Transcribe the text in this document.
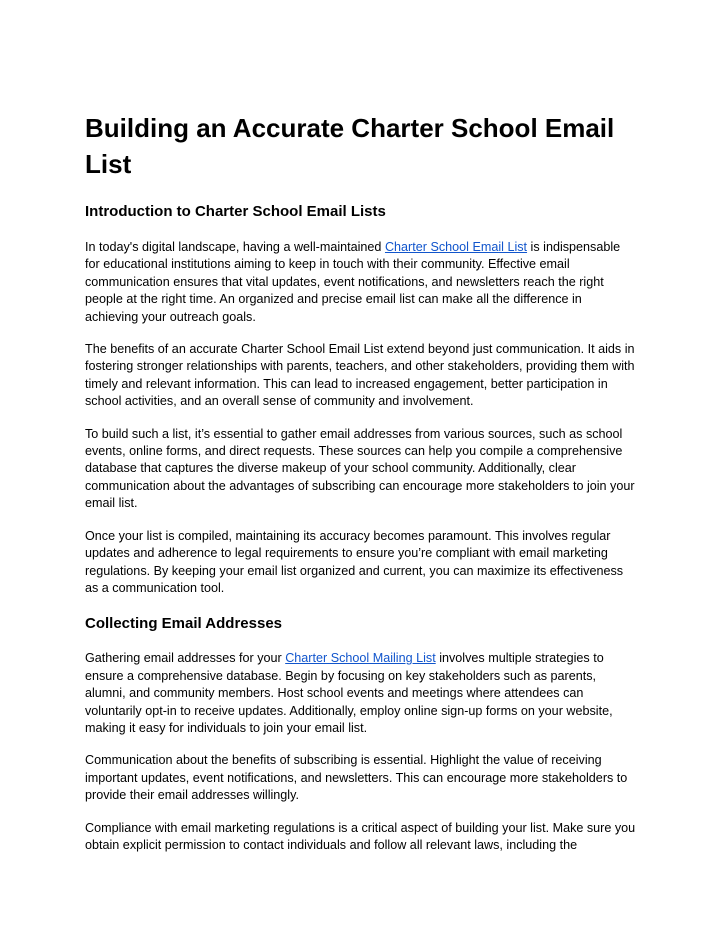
Building an Accurate Charter School Email List
Introduction to Charter School Email Lists

In today's digital landscape, having a well-maintained Charter School Email List is indispensable for educational institutions aiming to keep in touch with their community. Effective email communication ensures that vital updates, event notifications, and newsletters reach the right people at the right time. An organized and precise email list can make all the difference in achieving your outreach goals.

The benefits of an accurate Charter School Email List extend beyond just communication. It aids in fostering stronger relationships with parents, teachers, and other stakeholders, providing them with timely and relevant information. This can lead to increased engagement, better participation in school activities, and an overall sense of community and involvement.

To build such a list, it’s essential to gather email addresses from various sources, such as school events, online forms, and direct requests. These sources can help you compile a comprehensive database that captures the diverse makeup of your school community. Additionally, clear communication about the advantages of subscribing can encourage more stakeholders to join your email list.

Once your list is compiled, maintaining its accuracy becomes paramount. This involves regular updates and adherence to legal requirements to ensure you’re compliant with email marketing regulations. By keeping your email list organized and current, you can maximize its effectiveness as a communication tool.

Collecting Email Addresses

Gathering email addresses for your Charter School Mailing List involves multiple strategies to ensure a comprehensive database. Begin by focusing on key stakeholders such as parents, alumni, and community members. Host school events and meetings where attendees can voluntarily opt-in to receive updates. Additionally, employ online sign-up forms on your website, making it easy for individuals to join your email list.

Communication about the benefits of subscribing is essential. Highlight the value of receiving important updates, event notifications, and newsletters. This can encourage more stakeholders to provide their email addresses willingly.

Compliance with email marketing regulations is a critical aspect of building your list. Make sure you obtain explicit permission to contact individuals and follow all relevant laws, including the
